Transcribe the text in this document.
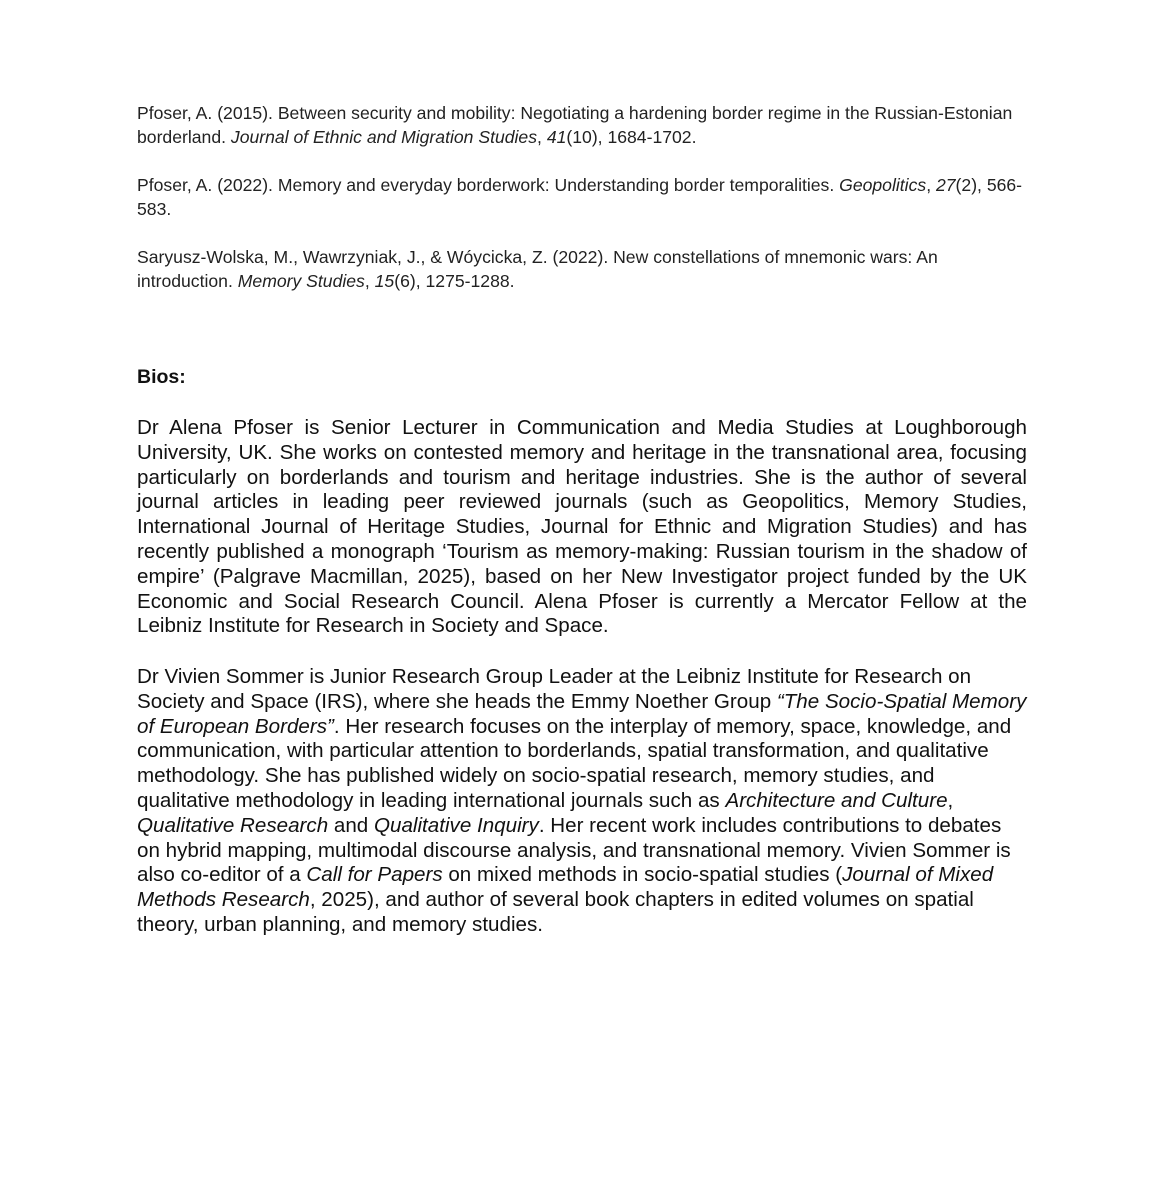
Pfoser, A. (2015). Between security and mobility: Negotiating a hardening border regime in the Russian-Estonian borderland. Journal of Ethnic and Migration Studies, 41(10), 1684-1702.

Pfoser, A. (2022). Memory and everyday borderwork: Understanding border temporalities. Geopolitics, 27(2), 566-583.

Saryusz-Wolska, M., Wawrzyniak, J., & Wóycicka, Z. (2022). New constellations of mnemonic wars: An introduction. Memory Studies, 15(6), 1275-1288.

Bios:

Dr Alena Pfoser is Senior Lecturer in Communication and Media Studies at Loughborough University, UK. She works on contested memory and heritage in the transnational area, focusing particularly on borderlands and tourism and heritage industries. She is the author of several journal articles in leading peer reviewed journals (such as Geopolitics, Memory Studies, International Journal of Heritage Studies, Journal for Ethnic and Migration Studies) and has recently published a monograph ‘Tourism as memory-making: Russian tourism in the shadow of empire’ (Palgrave Macmillan, 2025), based on her New Investigator project funded by the UK Economic and Social Research Council. Alena Pfoser is currently a Mercator Fellow at the Leibniz Institute for Research in Society and Space.

Dr Vivien Sommer is Junior Research Group Leader at the Leibniz Institute for Research on Society and Space (IRS), where she heads the Emmy Noether Group “The Socio-Spatial Memory of European Borders”. Her research focuses on the interplay of memory, space, knowledge, and communication, with particular attention to borderlands, spatial transformation, and qualitative methodology. She has published widely on socio-spatial research, memory studies, and qualitative methodology in leading international journals such as Architecture and Culture, Qualitative Research and Qualitative Inquiry. Her recent work includes contributions to debates on hybrid mapping, multimodal discourse analysis, and transnational memory. Vivien Sommer is also co-editor of a Call for Papers on mixed methods in socio-spatial studies (Journal of Mixed Methods Research, 2025), and author of several book chapters in edited volumes on spatial theory, urban planning, and memory studies.
